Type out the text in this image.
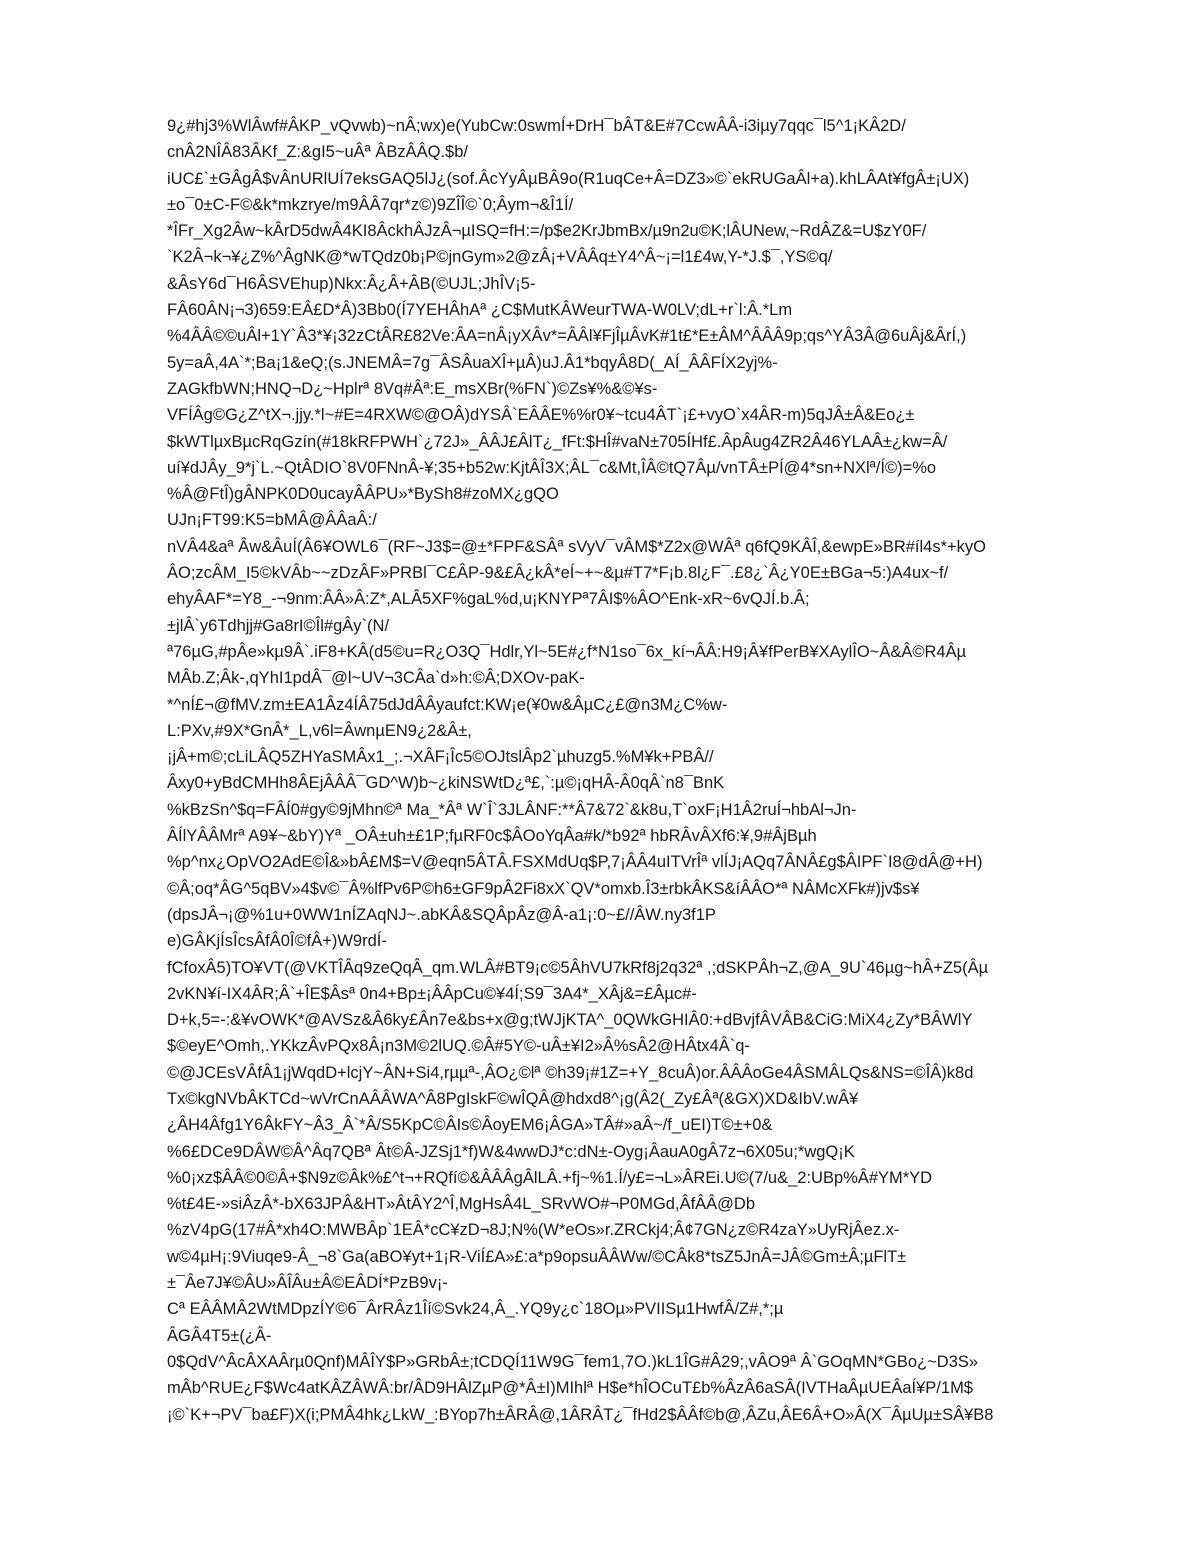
9¿#hj3%WlÂwf#ÂKP_vQvwb)~nÂ;wx)e(YubCw:0swmÍ+DrH¯bÂT&E#7CcwÂÂ-i3iµy7qqc¯l5^1¡KÂ2D/
cnÂ2NÎÂ83ÂKf_Z:&gI5~uÂª ÂBzÂÂQ.$b/
iUC£`±GÂgÂ$vÂnURlUÍ7eksGAQ5lJ¿(sof.ÂcYyÂµBÂ9o(R1uqCe+Â=DZ3»©`ekRUGaÂl+a).khLÂAt¥fgÂ±¡UX)
±o¯0±C-F©&k*mkzrye/m9ÂÂ7qr*z©)9ZÎÎ©`0;Âym¬&Î1Í/
*ÎFr_Xg2Âw~kÂrD5dwÂ4KI8ÂckhÂJzÂ¬µISQ=fH:=/p$e2KrJbmBx/µ9n2u©K;lÂUNew,~RdÂZ&=U$zY0F/
`K2Â¬k¬¥¿Z%^ÂgNK@*wTQdz0b¡P©jnGym»2@zÂ¡+VÂÂq±Y4^Â~¡=l1£4w,Y-*J.$¯,YS©q/
&ÂsY6d¯H6ÂSVEhup)Nkx:Â¿Â+ÂB(©UJL;JhÎV¡5-
FÂ60ÂN¡¬3)659:EÂ£D*Â)3Bb0(Í7YEHÂhAª ¿C$MutKÂWeurTWA-W0LV;dL+r`l:Â.*Lm
%4ÂÂ©©uÂl+1Y`Â3*¥¡32zCtÂR£82Ve:ÂA=nÂ¡yXÂv*=ÂÂl¥FjÎµÂvK#1t£*E±ÂM^ÂÂÂ9p;qs^YÂ3Â@6uÂj&ÂrÍ,)
5y=aÂ,4A`*;Ba¡1&eQ;(s.JNEMÂ=7g¯ÂSÂuaXÎ+µÂ)uJ.Â1*bqyÂ8D(_AÍ_ÂÂFÍX2yj%-
ZAGkfbWN;HNQ¬D¿~Hplrª 8Vq#Âª:E_msXBr(%FN`)©Zs¥%&©¥s-
VFÍÂg©G¿Z^tX¬.jjy.*l~#E=4RXW©@OÂ)dYSÂ`EÂÂE%%r0¥~tcu4ÂT`¡£+vyO`x4ÂR-m)5qJÂ±Â&Eo¿±
$kWTlµxBµcRqGzín(#18kRFPWH`¿72J»_ÂÂJ£ÂlT¿_fFt:$HÎ#vaN±705ÍHf£.ÂpÂug4ZR2Â46YLAÂ±¿kw=Â/
uí¥dJÂy_9*j`L.~QtÂDIO`8V0FNnÂ-¥;35+b52w:KjtÂÎ3X;ÂL¯c&Mt,ÎÂ©tQ7Âµ/vnTÂ±PÍ@4*sn+NXlª/Í©)=%o
%Â@FtÎ)gÂNPK0D0ucayÂÂPU»*BySh8#zoMX¿gQO
UJn¡FT99:K5=bMÂ@ÂÂaÂ:/
nVÂ4&aª Âw&ÂuÍ(Â6¥OWL6¯(RF~J3$=@±*FPF&SÂª sVyV¯vÂM$*Z2x@WÂª q6fQ9KÂÎ,&ewpE»BR#íl4s*+kyO
ÂO;zcÂM_I5©kVÂb~~zDzÂF»PRBl¯C£ÂP-9&£Â¿kÂ*eÍ~+~&µ#T7*F¡b.8l¿F¯.£8¿`Â¿Y0E±BGa¬5:)A4ux~f/
ehyÂAF*=Y8_-¬9nm:ÂÂ»Â:Z*,ALÂ5XF%gaL%d,u¡KNYPª7ÂI$%ÂO^Enk-xR~6vQJÍ.b.Â;
±jlÂ`y6Tdhjj#Ga8rI©Îl#gÂy`(N/
ª76µG,#pÂe»kµ9Â`.iF8+KÂ(d5©u=R¿O3Q¯Hdlr,Yl~5E#¿f*N1so¯6x_kí¬ÂÂ:H9¡Â¥fPerB¥XAylÎO~Â&Â©R4Âµ
MÂb.Z;Âk-,qYhI1pdÂ¯@l~UV¬3CÂa`d»h:©Â;DXOv-paK-
*^nÍ£¬@fMV.zm±EA1Âz4ÍÂ75dJdÂÂyaufct:KW¡e(¥0w&ÂµC¿£@n3M¿C%w-
L:PXv,#9X*GnÂ*_L,v6l=ÂwnµEN9¿2&Â±,
¡jÂ+m©;cLiLÂQ5ZHYaSMÂx1_;.¬XÂF¡Îc5©OJtslÂp2`µhuzg5.%M¥k+PBÂ//
Âxy0+yBdCMHh8ÂEjÂÂÂ¯GD^W)b~¿kiNSWtD¿ª£,`:µ©¡qHÂ-Â0qÂ`n8¯BnK
%kBzSn^$q=FÂÍ0#gy©9jMhn©ª Ma_*Âª W`Î`3JLÂNF:**Â7&72`&k8u,T`oxF¡H1Â2ruÍ¬hbAl¬Jn-
ÂÍlYÂÂMrª A9¥~&bY)Yª _OÂ±uh±£1P;fµRF0c$ÂOoYqÂa#k/*b92ª hbRÂvÂXf6:¥,9#ÂjBµh
%p^nx¿OpVO2AdE©Î&»bÂ£M$=V@eqn5ÂTÂ.FSXMdUq$P,7¡ÂÂ4uITVrÎª vlÍJ¡AQq7ÂNÂ£g$ÂIPF`I8@dÂ@+H)
©Â;oq*ÂG^5qBV»4$v©¯Â%lfPv6P©h6±GF9pÂ2Fi8xX`QV*omxb.Î3±rbkÂKS&íÂÂO*ª NÂMcXFk#)jv$s¥
(dpsJÂ¬¡@%1u+0WW1nÍZAqNJ~.abKÂ&SQÂpÂz@Â-a1¡:0~£//ÂW.ny3f1P
e)GÂKjÍsÎcsÂfÂ0Î©fÂ+)W9rdÍ-
fCfoxÂ5)TO¥VT(@VKTÎÂq9zeQqÂ_qm.WLÂ#BT9¡c©5ÂhVU7kRf8j2q32ª ,;dSKPÂh¬Z,@A_9U`46µg~hÂ+Z5(Âµ
2vKN¥í-IX4ÂR;Â`+ÎE$Âsª 0n4+Bp±¡ÂÂpCu©¥4Í;S9¯3A4*_XÂj&=£Âµc#-
D+k,5=-:&¥vOWK*@AVSz&Â6ky£Ân7e&bs+x@g;tWJjKTA^_0QWkGHIÂ0:+dBvjfÂVÂB&CiG:MiX4¿Zy*BÂWlY
$©eyE^Omh,.YKkzÂvPQx8Â¡n3M©2lUQ.©Â#5Y©-uÂ±¥I2»Â%sÂ2@HÂtx4Â`q-
©@JCEsVÂfÂ1¡jWqdD+lcjY~ÂN+Si4,rµµª-,ÂO¿©lª ©h39¡#1Z=+Y_8cuÂ)or.ÂÂÂoGe4ÂSMÂLQs&NS=©ÎÂ)k8d
Tx©kgNVbÂKTCd~wVrCnAÂÂWA^Â8PgIskF©wÎQÂ@hdxd8^¡g(Â2(_Zy£Âª(&GX)XD&IbV.wÂ¥
¿ÂH4Âfg1Y6ÂkFY~Â3_Â`*Â/S5KpC©ÂIs©ÂoyEM6¡ÂGA»TÂ#»aÂ~/f_uEI)T©±+0&
%6£DCe9DÂW©Â^Âq7QBª Ât©Â-JZSj1*f)W&4wwDJ*c:dN±-Oyg¡ÂauA0gÂ7z¬6X05u;*wgQ¡K
%0¡xz$ÂÂ©0©Â+$N9z©Âk%£^t¬+RQfí©&ÂÂÂgÂlLÂ.+fj~%1.Í/y£=¬L»ÂREi.U©(7/u&_2:UBp%Â#YM*YD
%t£4E-»siÂzÂ*-bX63JPÂ&HT»ÂtÂY2^Î,MgHsÂ4L_SRvWO#¬P0MGd,ÂfÂÂ@Db
%zV4pG(17#Â*xh4O:MWBÂp`1EÂ*cC¥zD¬8J;N%(W*eOs»r.ZRCkj4;Â¢7GN¿z©R4zaY»UyRjÂez.x-
w©4µH¡:9Viuqe9-Â_¬8`Ga(aBO¥yt+1¡R-ViÍ£A»£:a*p9opsuÂÂWw/©CÂk8*tsZ5JnÂ=JÂ©Gm±Â;µFlT±
±¯Âe7J¥©ÂU»ÂÎÂu±Â©EÂDÍ*PzB9v¡-
Cª EÂÂMÂ2WtMDpzÍY©6¯ÂrRÂz1Îí©Svk24,Â_.YQ9y¿c`18Oµ»PVIISµ1HwfÂ/Z#,*;µ
ÂGÂ4T5±(¿Â-
0$QdV^ÂcÂXAÂrµ0Qnf)MÂÎY$P»GRbÂ±;tCDQÍ11W9G¯fem1,7O.)kL1ÎG#Â29;,vÂO9ª Â`GOqMN*GBo¿~D3S»
mÂb^RUE¿F$Wc4atKÂZÂWÂ:br/ÂD9HÂlZµP@*Â±I)MIhlª H$e*hÎOCuT£b%ÂzÂ6aSÂ(IVTHaÂµUEÂaÍ¥P/1M$
¡©`K+¬PV¯ba£F)X(i;PMÂ4hk¿LkW_:BYop7h±ÂRÂ@,1ÂRÂT¿¯fHd2$ÂÂf©b@,ÂZu,ÂE6Â+O»Â(X¯ÂµUµ±SÂ¥B8
